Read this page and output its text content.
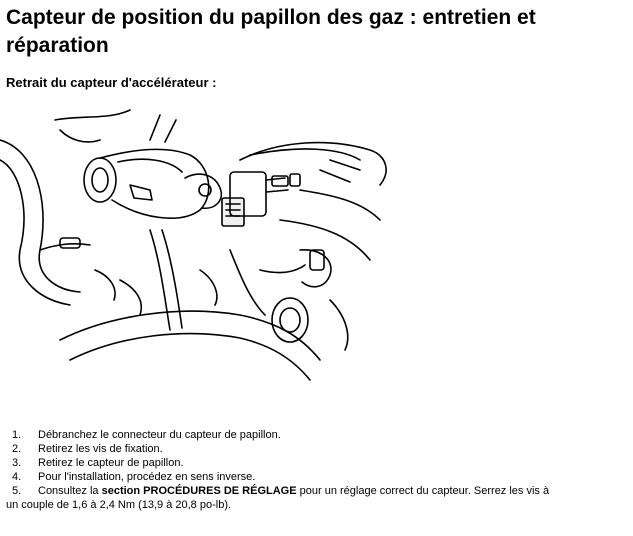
Capteur de position du papillon des gaz : entretien et réparation
Retrait du capteur d'accélérateur :
1. Débranchez le connecteur du capteur de papillon.
2. Retirez les vis de fixation.
3. Retirez le capteur de papillon.
4. Pour l'installation, procédez en sens inverse.
5. Consultez la section PROCÉDURES DE RÉGLAGE pour un réglage correct du capteur. Serrez les vis à
un couple de 1,6 à 2,4 Nm (13,9 à 20,8 po-lb).
